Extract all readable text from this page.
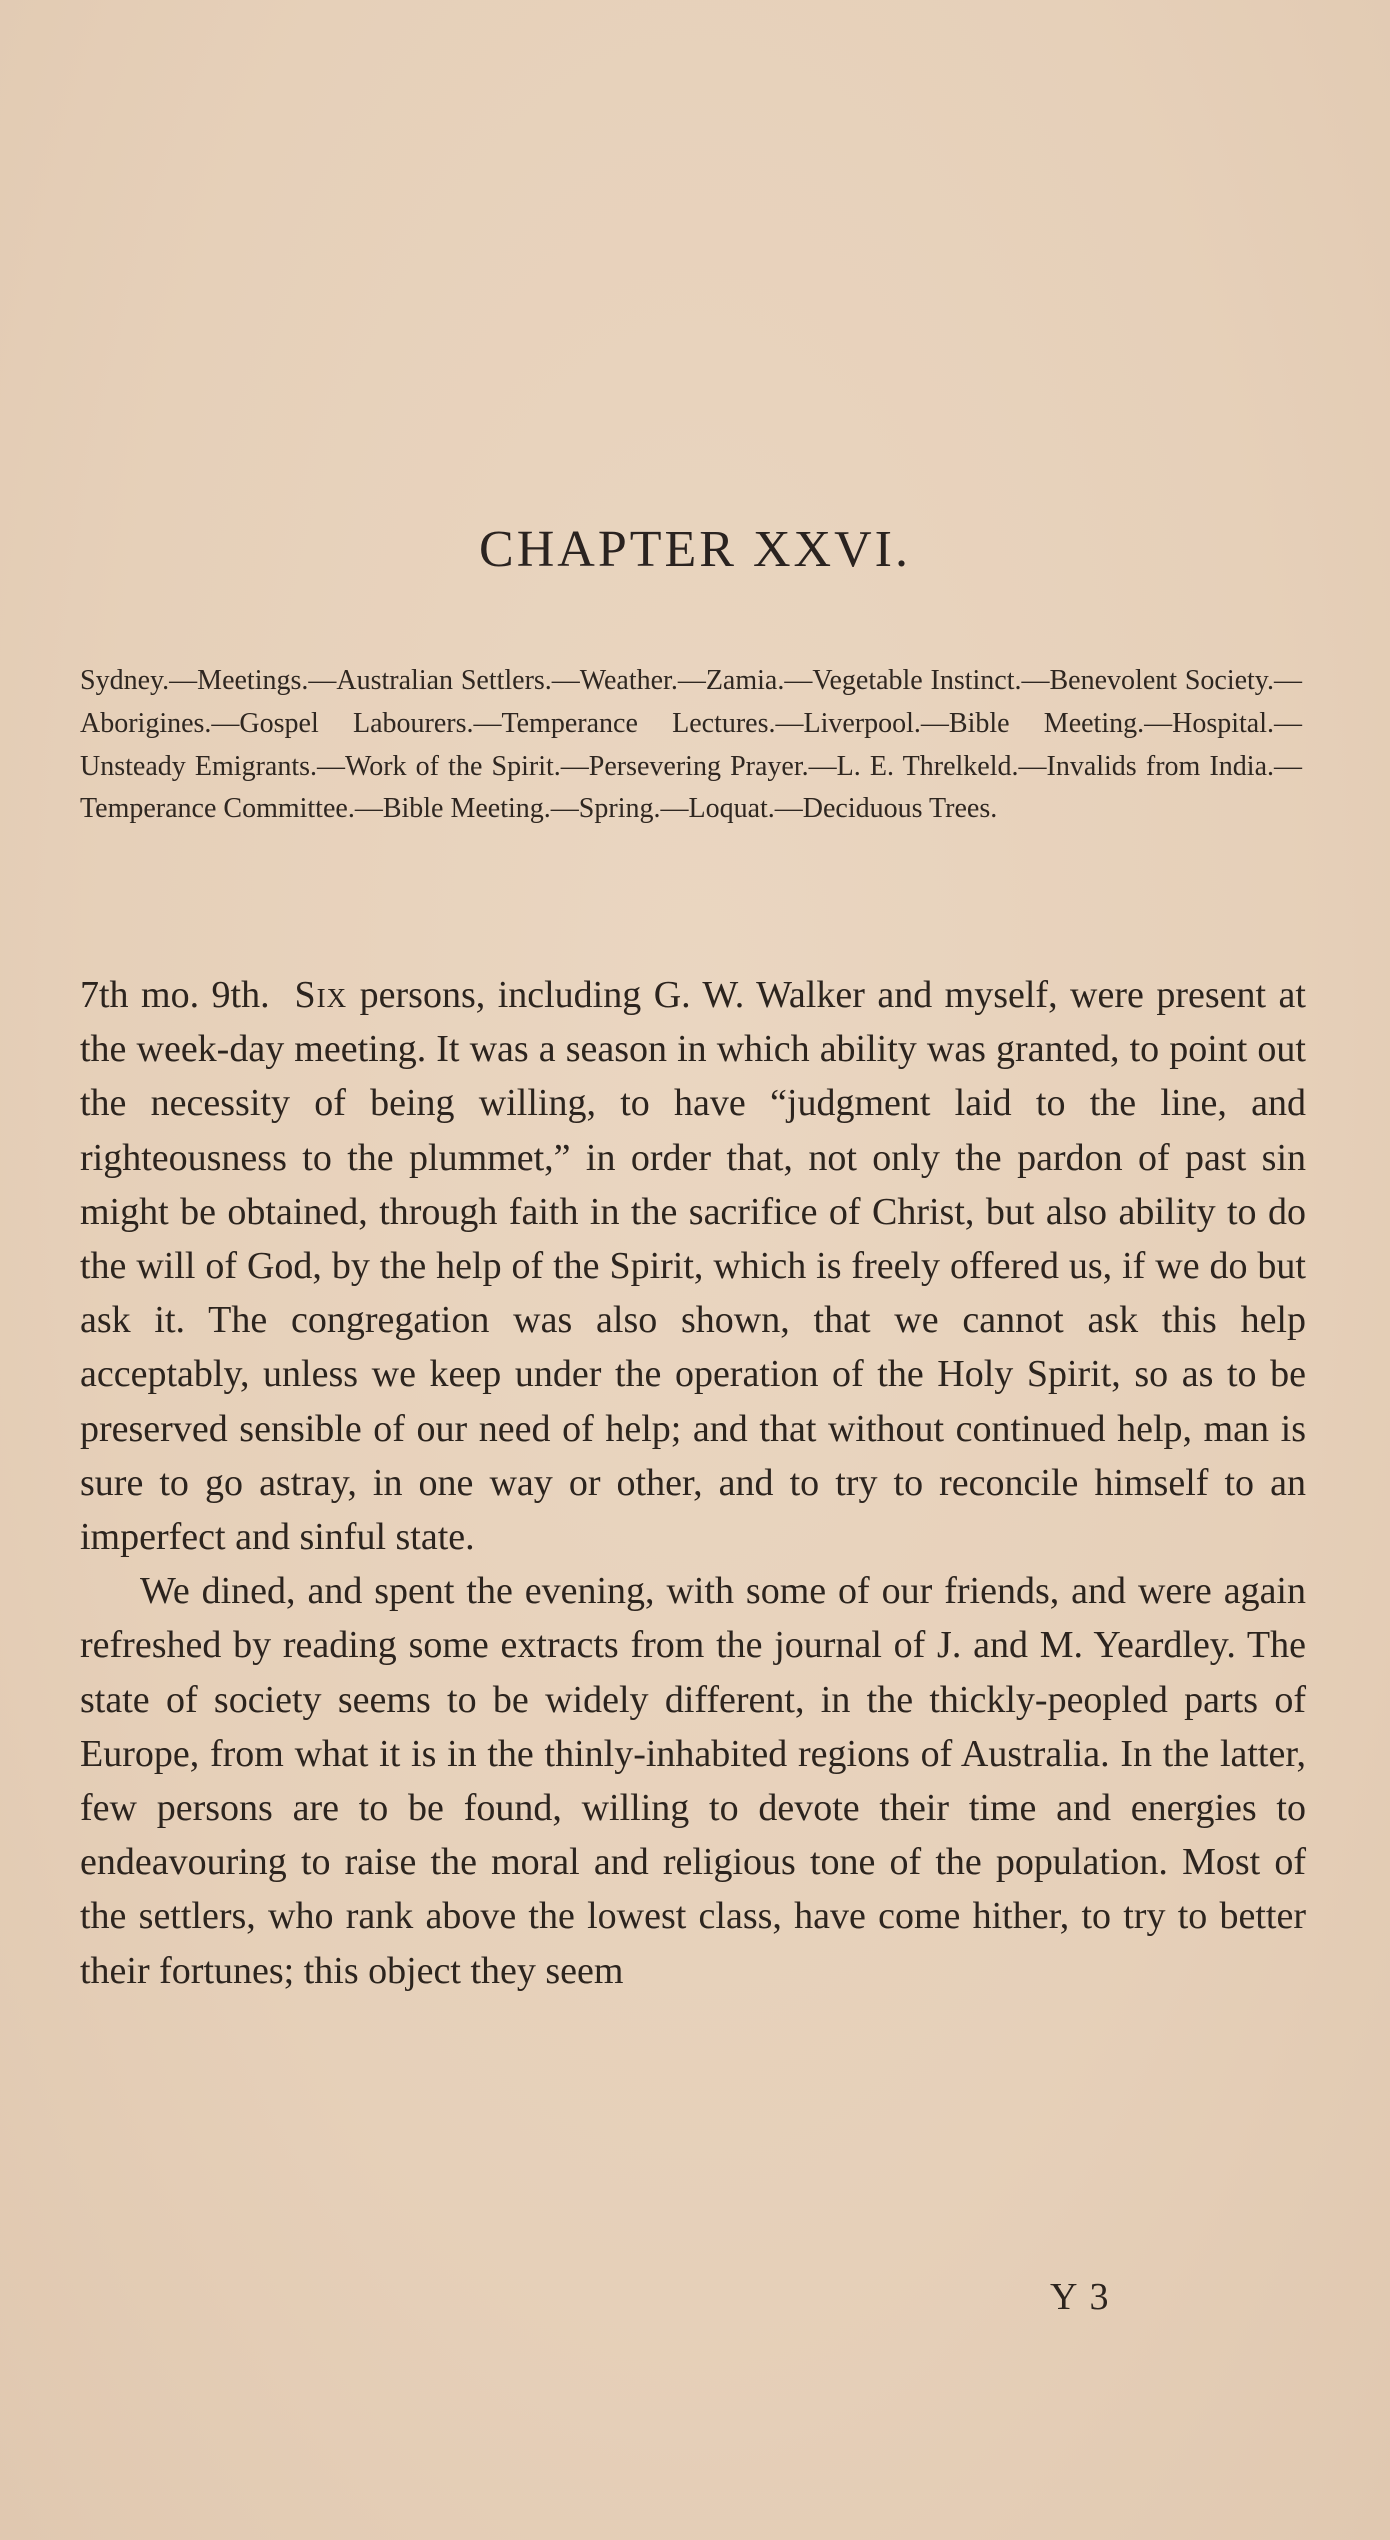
CHAPTER XXVI.

Sydney.—Meetings.—Australian Settlers.—Weather.—Zamia.—Vegetable Instinct.—Benevolent Society.—Aborigines.—Gospel Labourers.—Temperance Lectures.—Liverpool.—Bible Meeting.—Hospital.—Unsteady Emigrants.—Work of the Spirit.—Persevering Prayer.—L. E. Threlkeld.—Invalids from India.—Temperance Committee.—Bible Meeting.—Spring.—Loquat.—Deciduous Trees.

7th mo. 9th. Six persons, including G. W. Walker and myself, were present at the week-day meeting. It was a season in which ability was granted, to point out the necessity of being willing, to have “judgment laid to the line, and righteousness to the plummet,” in order that, not only the pardon of past sin might be obtained, through faith in the sacrifice of Christ, but also ability to do the will of God, by the help of the Spirit, which is freely offered us, if we do but ask it. The congregation was also shown, that we cannot ask this help acceptably, unless we keep under the operation of the Holy Spirit, so as to be preserved sensible of our need of help; and that without continued help, man is sure to go astray, in one way or other, and to try to reconcile himself to an imperfect and sinful state.

We dined, and spent the evening, with some of our friends, and were again refreshed by reading some extracts from the journal of J. and M. Yeardley. The state of society seems to be widely different, in the thickly-peopled parts of Europe, from what it is in the thinly-inhabited regions of Australia. In the latter, few persons are to be found, willing to devote their time and energies to endeavouring to raise the moral and religious tone of the population. Most of the settlers, who rank above the lowest class, have come hither, to try to better their fortunes; this object they seem

Y 3
